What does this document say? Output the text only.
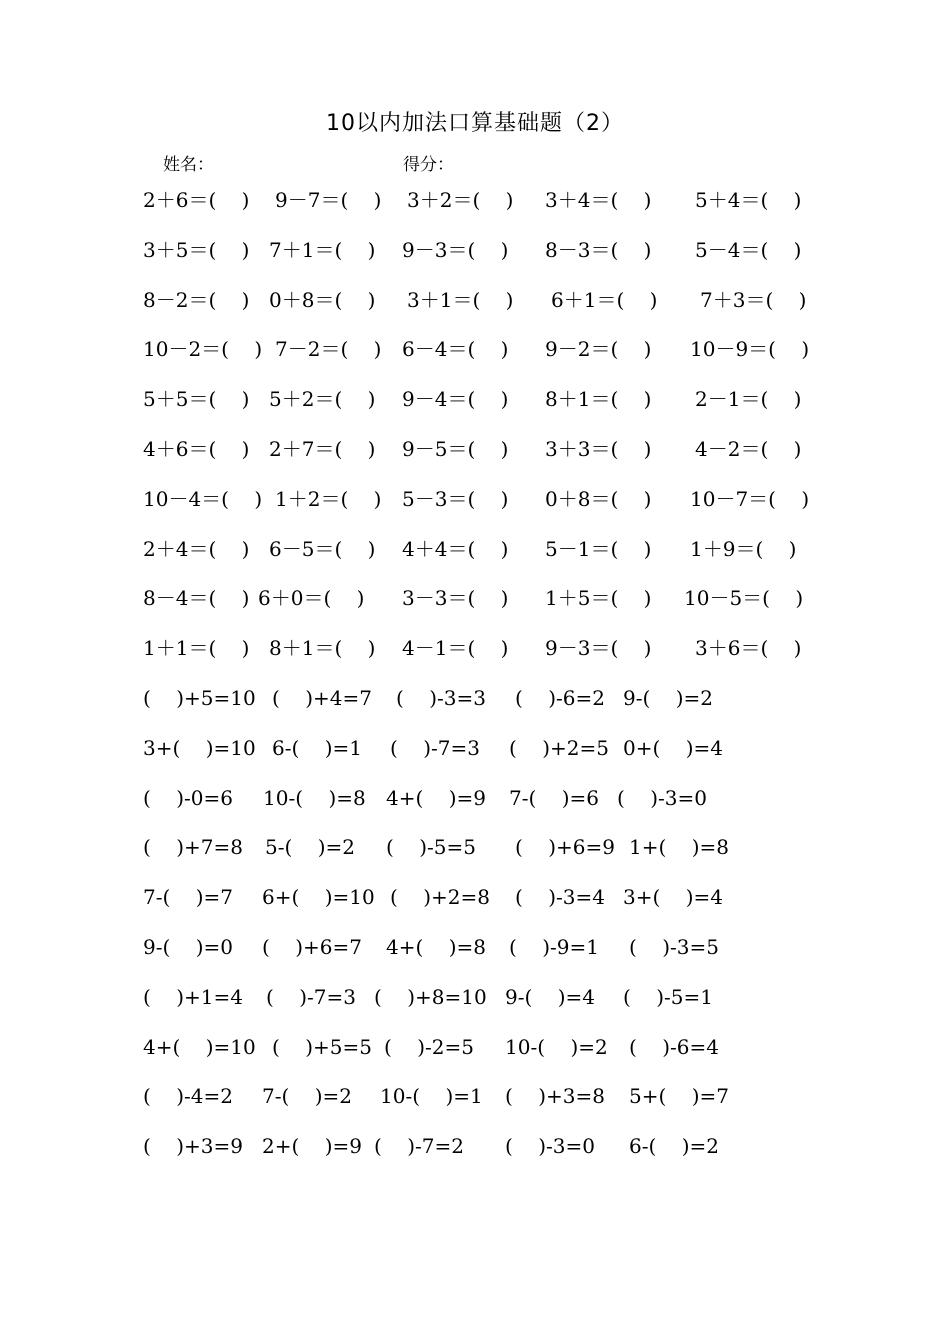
10以内加法口算基础题（2）
姓名：	得分：
2＋6＝(    ) 9－7＝(    ) 3＋2＝(    ) 3＋4＝(    ) 5＋4＝(    )
3＋5＝(    ) 7＋1＝(    ) 9－3＝(    ) 8－3＝(    ) 5－4＝(    )
8－2＝(    ) 0＋8＝(    ) 3＋1＝(    ) 6＋1＝(    ) 7＋3＝(    )
10－2＝(    ) 7－2＝(    ) 6－4＝(    ) 9－2＝(    ) 10－9＝(    )
5＋5＝(    ) 5＋2＝(    ) 9－4＝(    ) 8＋1＝(    ) 2－1＝(    )
4＋6＝(    ) 2＋7＝(    ) 9－5＝(    ) 3＋3＝(    ) 4－2＝(    )
10－4＝(    ) 1＋2＝(    ) 5－3＝(    ) 0＋8＝(    ) 10－7＝(    )
2＋4＝(    ) 6－5＝(    ) 4＋4＝(    ) 5－1＝(    ) 1＋9＝(    )
8－4＝(    ) 6＋0＝(    ) 3－3＝(    ) 1＋5＝(    ) 10－5＝(    )
1＋1＝(    ) 8＋1＝(    ) 4－1＝(    ) 9－3＝(    ) 3＋6＝(    )
(    )+5=10 (    )+4=7 (    )-3=3 (    )-6=2 9-(    )=2
3+(    )=10 6-(    )=1 (    )-7=3 (    )+2=5 0+(    )=4
(    )-0=6 10-(    )=8 4+(    )=9 7-(    )=6 (    )-3=0
(    )+7=8 5-(    )=2 (    )-5=5 (    )+6=9 1+(    )=8
7-(    )=7 6+(    )=10 (    )+2=8 (    )-3=4 3+(    )=4
9-(    )=0 (    )+6=7 4+(    )=8 (    )-9=1 (    )-3=5
(    )+1=4 (    )-7=3 (    )+8=10 9-(    )=4 (    )-5=1
4+(    )=10 (    )+5=5 (    )-2=5 10-(    )=2 (    )-6=4
(    )-4=2 7-(    )=2 10-(    )=1 (    )+3=8 5+(    )=7
(    )+3=9 2+(    )=9 (    )-7=2 (    )-3=0 6-(    )=2
